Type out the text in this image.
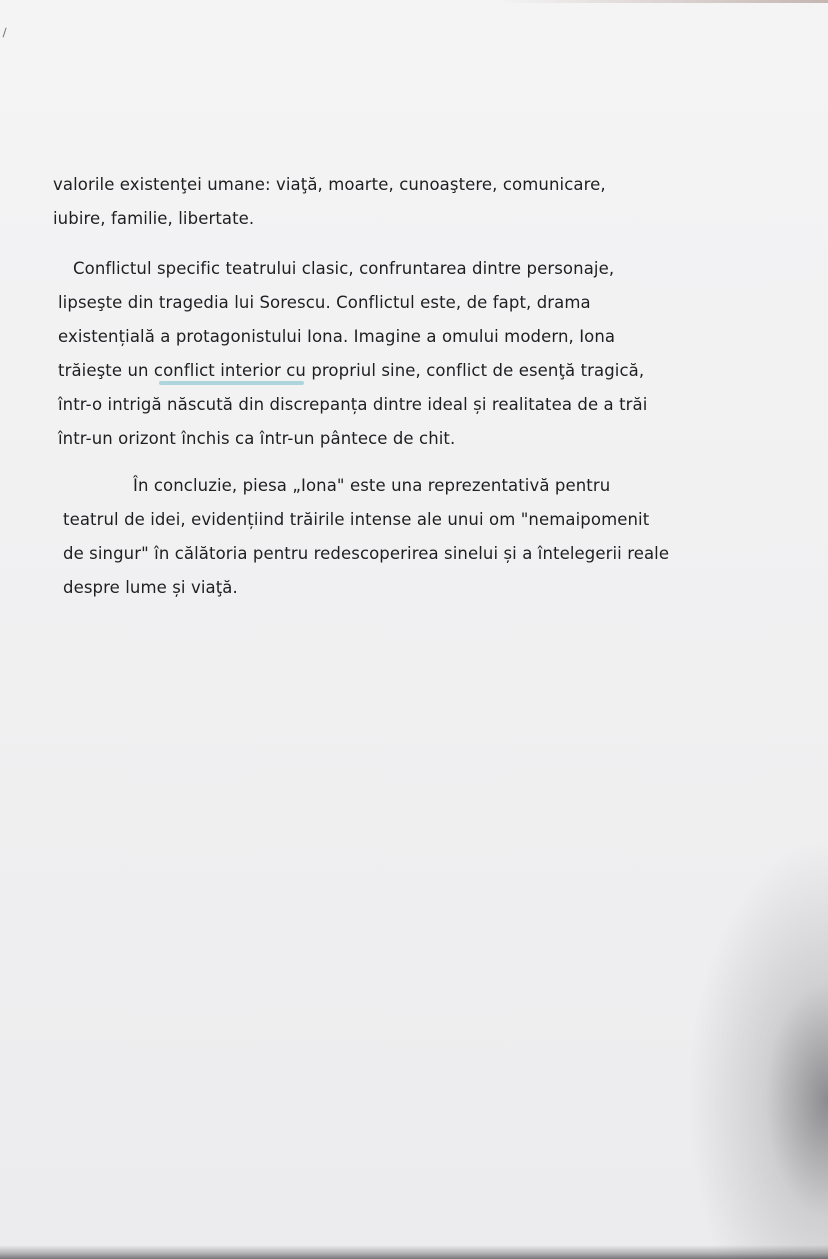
valorile existenţei umane: viaţă, moarte, cunoaştere, comunicare,
iubire, familie, libertate.
Conflictul specific teatrului clasic, confruntarea dintre personaje,
lipseşte din tragedia lui Sorescu. Conflictul este, de fapt, drama
existențială a protagonistului Iona. Imagine a omului modern, Iona
trăieşte un conflict interior cu propriul sine, conflict de esenţă tragică,
într-o intrigă născută din discrepanța dintre ideal și realitatea de a trăi
într-un orizont închis ca într-un pântece de chit.
În concluzie, piesa „Iona" este una reprezentativă pentru
teatrul de idei, evidențiind trăirile intense ale unui om "nemaipomenit
de singur" în călătoria pentru redescoperirea sinelui și a întelegerii reale
despre lume și viaţă.
